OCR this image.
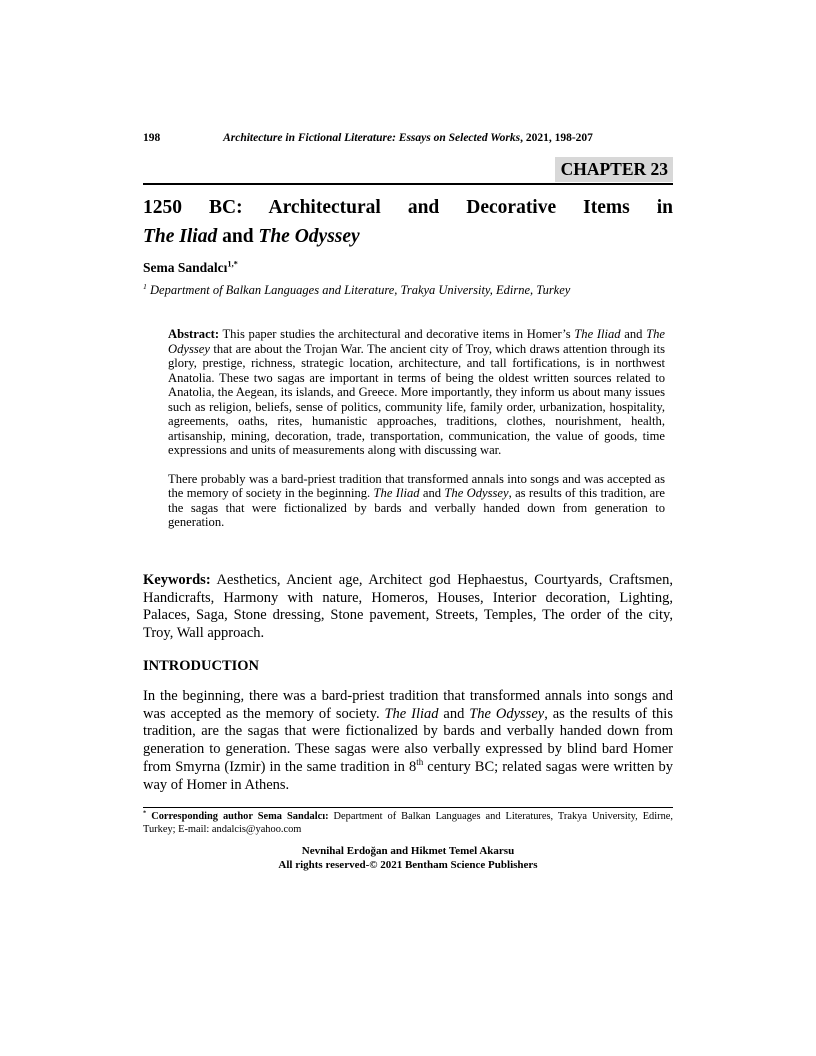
198	Architecture in Fictional Literature: Essays on Selected Works, 2021, 198-207
CHAPTER 23
1250 BC: Architectural and Decorative Items in
The Iliad and The Odyssey
Sema Sandalcı$^{1,*}$
$^1$ Department of Balkan Languages and Literature, Trakya University, Edirne, Turkey
Abstract: This paper studies the architectural and decorative items in Homer’s The Iliad and The Odyssey that are about the Trojan War. The ancient city of Troy, which draws attention through its glory, prestige, richness, strategic location, architecture, and tall fortifications, is in northwest Anatolia. These two sagas are important in terms of being the oldest written sources related to Anatolia, the Aegean, its islands, and Greece. More importantly, they inform us about many issues such as religion, beliefs, sense of politics, community life, family order, urbanization, hospitality, agreements, oaths, rites, humanistic approaches, traditions, clothes, nourishment, health, artisanship, mining, decoration, trade, transportation, communication, the value of goods, time expressions and units of measurements along with discussing war.
There probably was a bard-priest tradition that transformed annals into songs and was accepted as the memory of society in the beginning. The Iliad and The Odyssey, as results of this tradition, are the sagas that were fictionalized by bards and verbally handed down from generation to generation.
Keywords: Aesthetics, Ancient age, Architect god Hephaestus, Courtyards, Craftsmen, Handicrafts, Harmony with nature, Homeros, Houses, Interior decoration, Lighting, Palaces, Saga, Stone dressing, Stone pavement, Streets, Temples, The order of the city, Troy, Wall approach.
INTRODUCTION
In the beginning, there was a bard-priest tradition that transformed annals into songs and was accepted as the memory of society. The Iliad and The Odyssey, as the results of this tradition, are the sagas that were fictionalized by bards and verbally handed down from generation to generation. These sagas were also verbally expressed by blind bard Homer from Smyrna (Izmir) in the same tradition in 8th century BC; related sagas were written by way of Homer in Athens.
* Corresponding author Sema Sandalcı: Department of Balkan Languages and Literatures, Trakya University, Edirne, Turkey; E-mail: andalcis@yahoo.com
Nevnihal Erdoğan and Hikmet Temel Akarsu
All rights reserved-© 2021 Bentham Science Publishers
